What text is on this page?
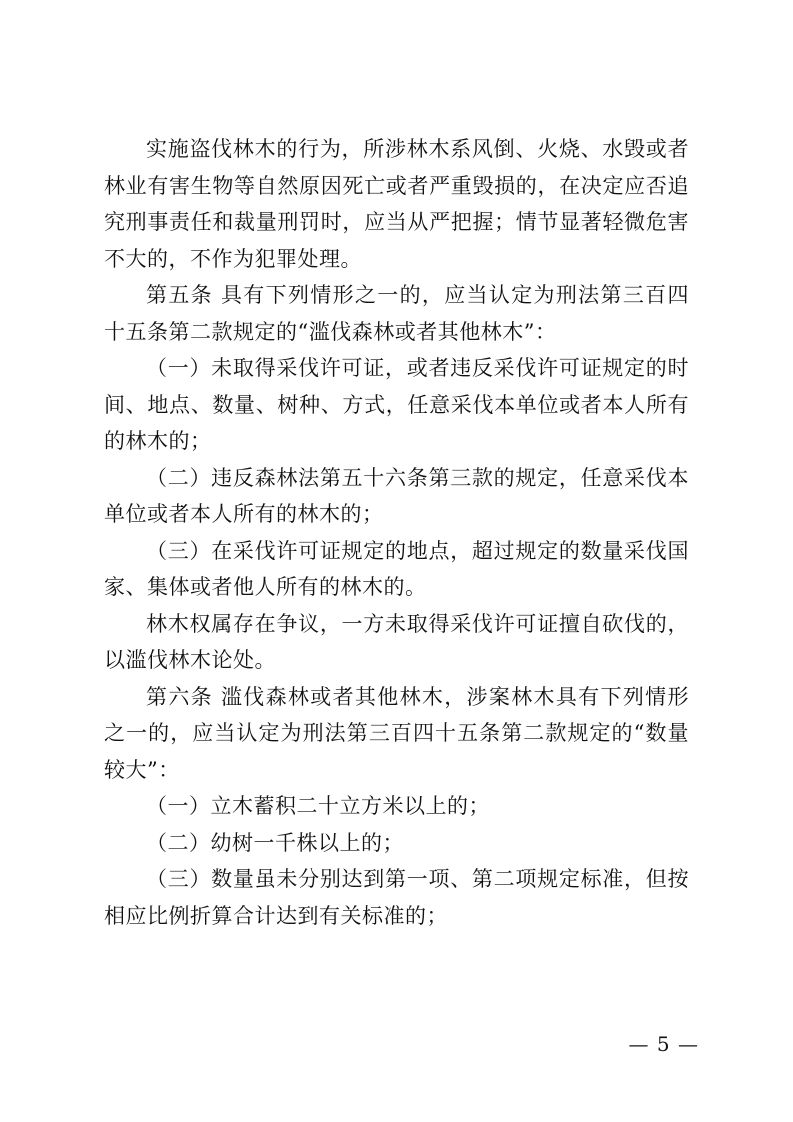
实施盗伐林木的行为，所涉林木系风倒、火烧、水毁或者林业有害生物等自然原因死亡或者严重毁损的，在决定应否追究刑事责任和裁量刑罚时，应当从严把握；情节显著轻微危害不大的，不作为犯罪处理。

第五条 具有下列情形之一的，应当认定为刑法第三百四十五条第二款规定的“滥伐森林或者其他林木”：

（一）未取得采伐许可证，或者违反采伐许可证规定的时间、地点、数量、树种、方式，任意采伐本单位或者本人所有的林木的；

（二）违反森林法第五十六条第三款的规定，任意采伐本单位或者本人所有的林木的；

（三）在采伐许可证规定的地点，超过规定的数量采伐国家、集体或者他人所有的林木的。

林木权属存在争议，一方未取得采伐许可证擅自砍伐的，以滥伐林木论处。

第六条 滥伐森林或者其他林木，涉案林木具有下列情形之一的，应当认定为刑法第三百四十五条第二款规定的“数量较大”：

（一）立木蓄积二十立方米以上的；

（二）幼树一千株以上的；

（三）数量虽未分别达到第一项、第二项规定标准，但按相应比例折算合计达到有关标准的；

— 5 —
